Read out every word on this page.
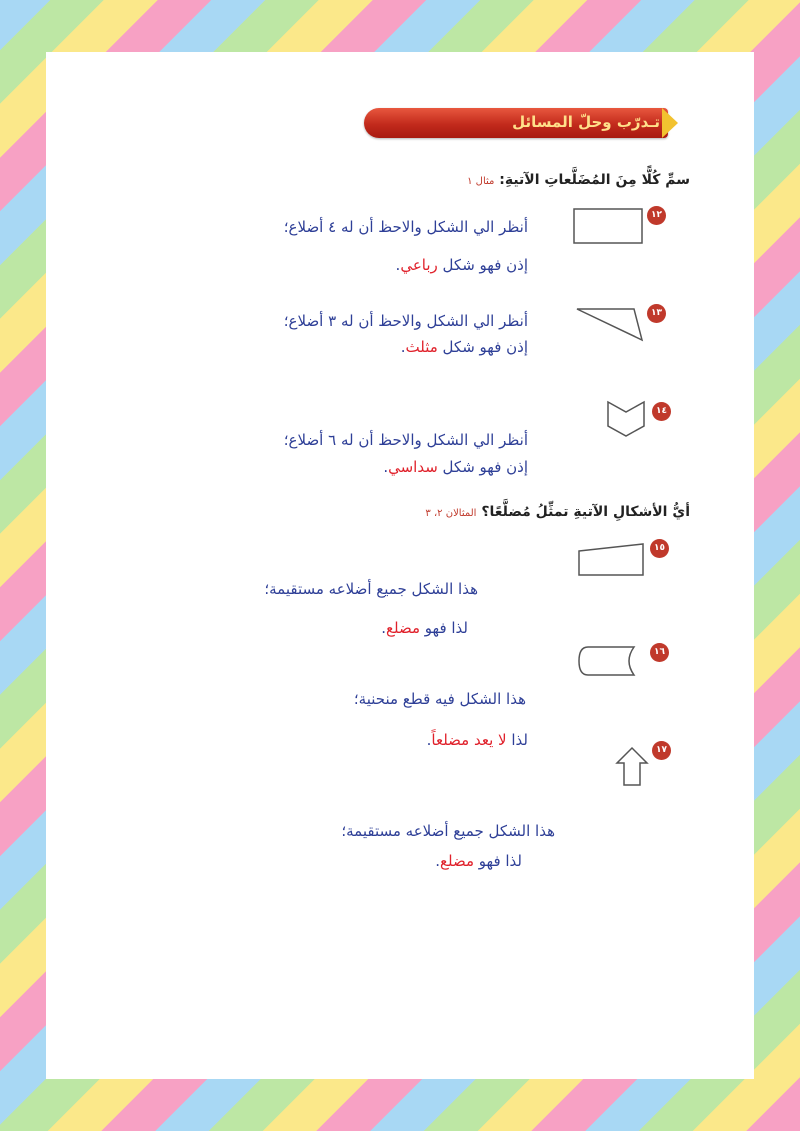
تـدرّب وحلّ المسائل
سمِّ كُلًّا مِنَ المُضَلَّعاتِ الآتيةِ: مثال ١
١٢
أنظر الي الشكل والاحظ أن له ٤ أضلاع؛
إذن فهو شكل رباعي.
١٣
أنظر الي الشكل والاحظ أن له ٣ أضلاع؛
إذن فهو شكل مثلث.
١٤
أنظر الي الشكل والاحظ أن له ٦ أضلاع؛
إذن فهو شكل سداسي.
أيُّ الأشكالِ الآتيةِ تمثِّلُ مُضلَّعًا؟ المثالان ٢، ٣
١٥
هذا الشكل جميع أضلاعه مستقيمة؛
لذا فهو مضلع.
١٦
هذا الشكل فيه قطع منحنية؛
لذا لا يعد مضلعاً.
١٧
هذا الشكل جميع أضلاعه مستقيمة؛
لذا فهو مضلع.
